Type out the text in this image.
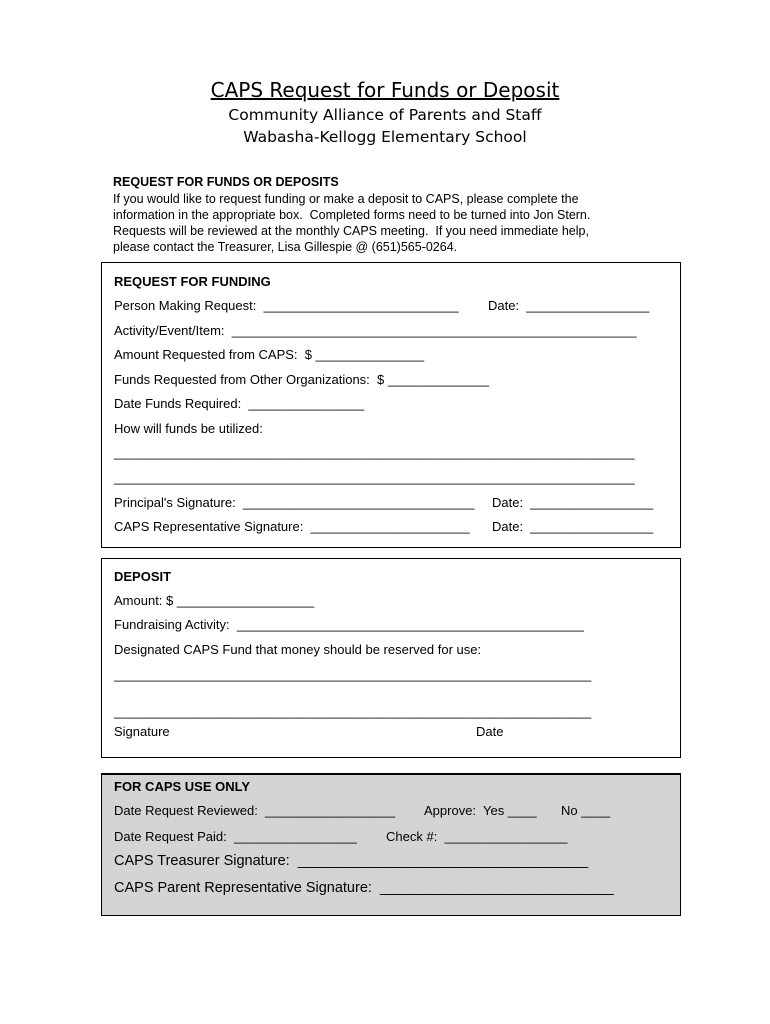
CAPS Request for Funds or Deposit
Community Alliance of Parents and Staff
Wabasha-Kellogg Elementary School
REQUEST FOR FUNDS OR DEPOSITS
If you would like to request funding or make a deposit to CAPS, please complete the
information in the appropriate box.  Completed forms need to be turned into Jon Stern.
Requests will be reviewed at the monthly CAPS meeting.  If you need immediate help,
please contact the Treasurer, Lisa Gillespie @ (651)565-0264.
REQUEST FOR FUNDING
Person Making Request:  ___________________________ Date:  _________________
Activity/Event/Item:  ________________________________________________________
Amount Requested from CAPS:  $ _______________
Funds Requested from Other Organizations:  $ ______________
Date Funds Required:  ________________
How will funds be utilized:
________________________________________________________________________
________________________________________________________________________
Principal's Signature:  ________________________________ Date:  _________________
CAPS Representative Signature:  ______________________ Date:  _________________
DEPOSIT
Amount: $ ___________________
Fundraising Activity:  ________________________________________________
Designated CAPS Fund that money should be reserved for use:
__________________________________________________________________
__________________________________________________________________
Signature	Date
FOR CAPS USE ONLY
Date Request Reviewed:  __________________ Approve:  Yes ____ No ____
Date Request Paid:  _________________ Check #:  _________________
CAPS Treasurer Signature:  ____________________________________
CAPS Parent Representative Signature:  _____________________________
